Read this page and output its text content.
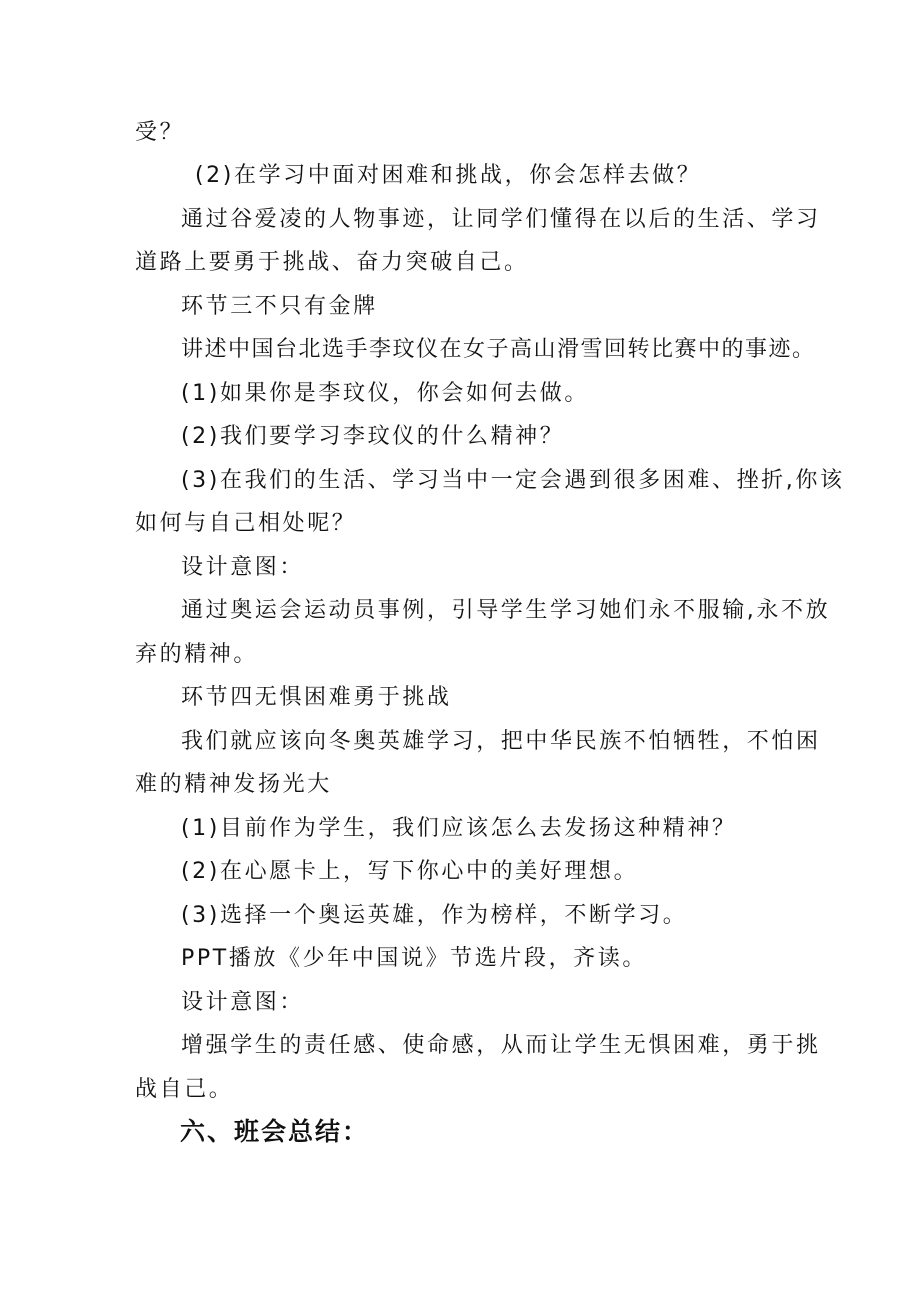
受？
(2)在学习中面对困难和挑战，你会怎样去做？
通过谷爱凌的人物事迹，让同学们懂得在以后的生活、学习
道路上要勇于挑战、奋力突破自己。
环节三不只有金牌
讲述中国台北选手李玟仪在女子高山滑雪回转比赛中的事迹。
(1)如果你是李玟仪，你会如何去做。
(2)我们要学习李玟仪的什么精神？
(3)在我们的生活、学习当中一定会遇到很多困难、挫折,你该
如何与自己相处呢？
设计意图：
通过奥运会运动员事例，引导学生学习她们永不服输,永不放
弃的精神。
环节四无惧困难勇于挑战
我们就应该向冬奥英雄学习，把中华民族不怕牺牲，不怕困
难的精神发扬光大
(1)目前作为学生，我们应该怎么去发扬这种精神？
(2)在心愿卡上，写下你心中的美好理想。
(3)选择一个奥运英雄，作为榜样，不断学习。
PPT播放《少年中国说》节选片段，齐读。
设计意图：
增强学生的责任感、使命感，从而让学生无惧困难，勇于挑
战自己。
六、班会总结：
